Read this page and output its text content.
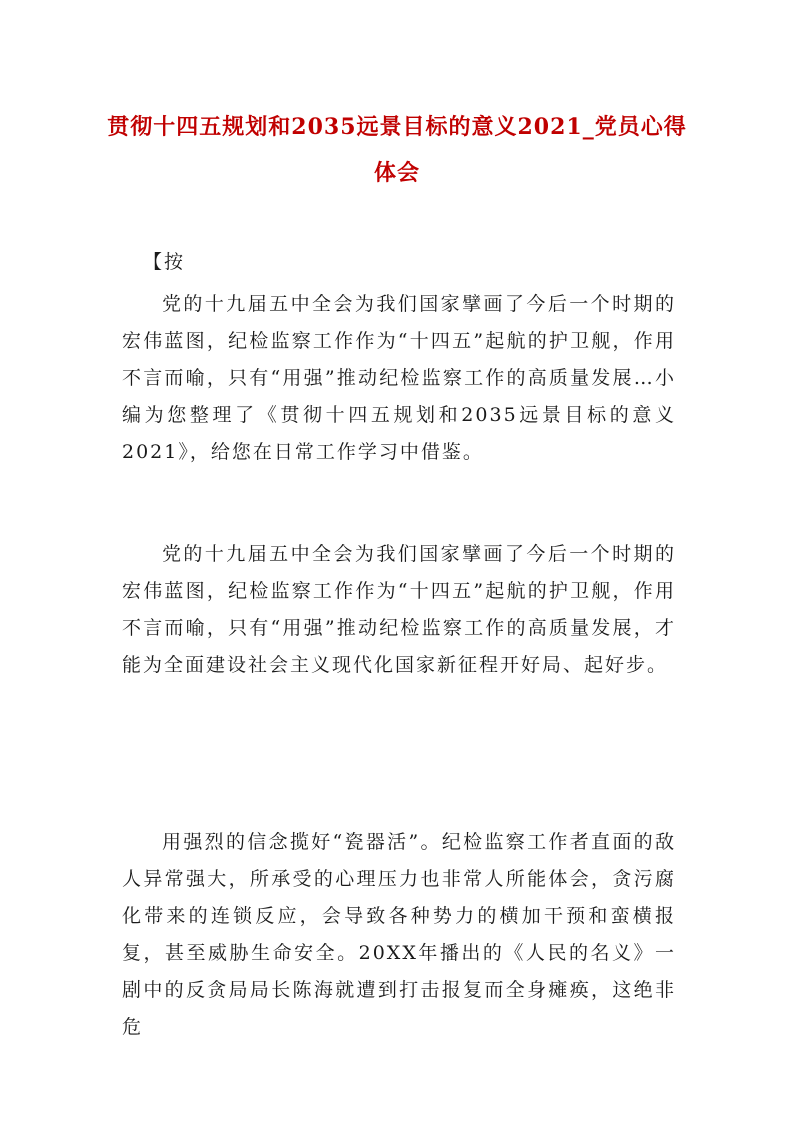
贯彻十四五规划和2035远景目标的意义2021_党员心得体会
【按

党的十九届五中全会为我们国家擘画了今后一个时期的宏伟蓝图，纪检监察工作作为“十四五”起航的护卫舰，作用不言而喻，只有“用强”推动纪检监察工作的高质量发展…小编为您整理了《贯彻十四五规划和2035远景目标的意义2021》，给您在日常工作学习中借鉴。

党的十九届五中全会为我们国家擘画了今后一个时期的宏伟蓝图，纪检监察工作作为“十四五”起航的护卫舰，作用不言而喻，只有“用强”推动纪检监察工作的高质量发展，才能为全面建设社会主义现代化国家新征程开好局、起好步。

用强烈的信念揽好“瓷器活”。纪检监察工作者直面的敌人异常强大，所承受的心理压力也非常人所能体会，贪污腐化带来的连锁反应，会导致各种势力的横加干预和蛮横报复，甚至威胁生命安全。20XX年播出的《人民的名义》一剧中的反贪局局长陈海就遭到打击报复而全身瘫痪，这绝非危
